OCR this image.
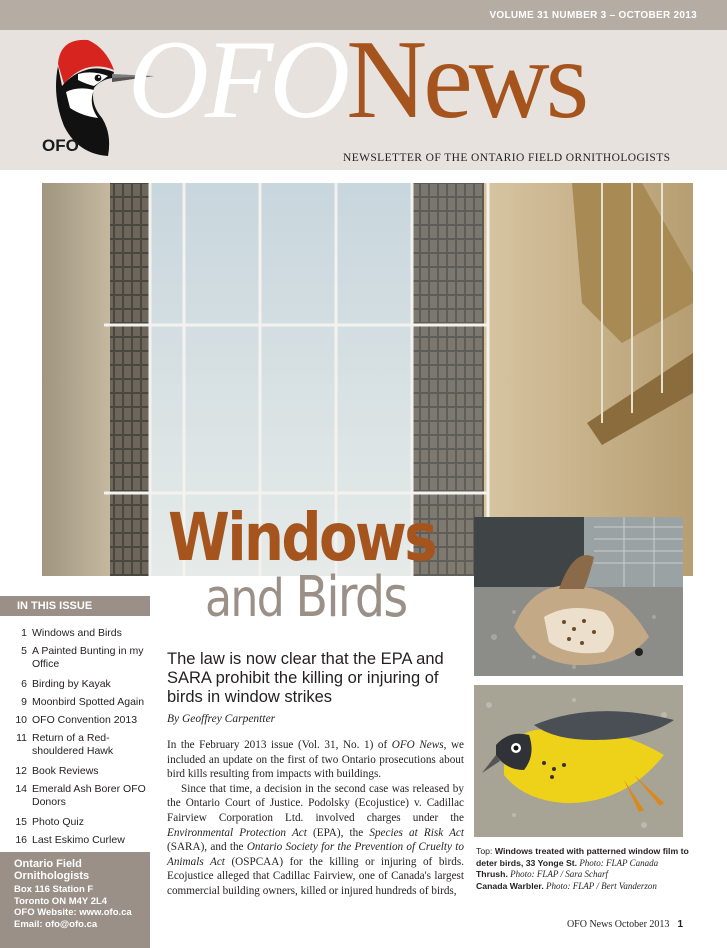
VOLUME 31 NUMBER 3 – OCTOBER 2013
OFONews
OFO
NEWSLETTER OF THE ONTARIO FIELD ORNITHOLOGISTS
Windows
and Birds
The law is now clear that the EPA and SARA prohibit the killing or injuring of birds in window strikes
By Geoffrey Carpentter

In the February 2013 issue (Vol. 31, No. 1) of OFO News, we included an update on the first of two Ontario prosecutions about bird kills resulting from impacts with buildings.

Since that time, a decision in the second case was released by the Ontario Court of Justice. Podolsky (Ecojustice) v. Cadillac Fairview Corporation Ltd. involved charges under the Environmental Protection Act (EPA), the Species at Risk Act (SARA), and the Ontario Society for the Prevention of Cruelty to Animals Act (OSPCAA) for the killing or injuring of birds. Ecojustice alleged that Cadillac Fairview, one of Canada's largest commercial building owners, killed or injured hundreds of birds,

IN THIS ISSUE
1 Windows and Birds
5 A Painted Bunting in my Office
6 Birding by Kayak
9 Moonbird Spotted Again
10 OFO Convention 2013
11 Return of a Red-shouldered Hawk
12 Book Reviews
14 Emerald Ash Borer OFO Donors
15 Photo Quiz
16 Last Eskimo Curlew
Ontario Field Ornithologists
Box 116 Station F
Toronto ON M4Y 2L4
OFO Website: www.ofo.ca
Email: ofo@ofo.ca
Top: Windows treated with patterned window film to deter birds, 33 Yonge St. Photo: FLAP Canada
Thrush. Photo: FLAP / Sara Scharf
Canada Warbler. Photo: FLAP / Bert Vanderzon
OFO News October 2013 1
